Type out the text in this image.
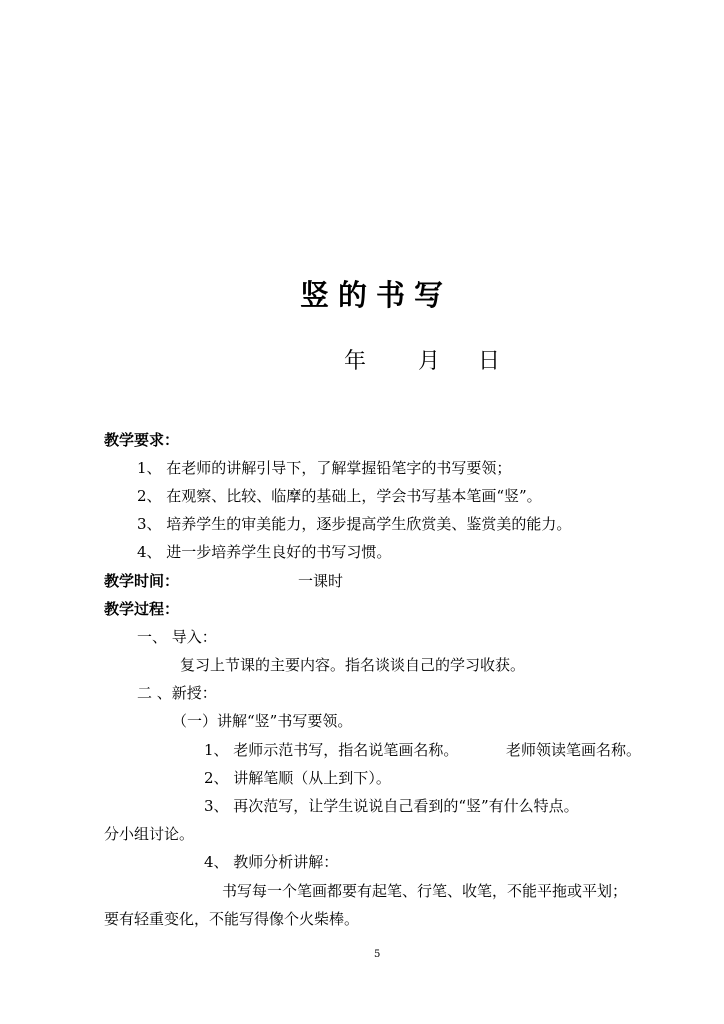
竖的书写
年 月 日
教学要求：
1、 在老师的讲解引导下，了解掌握铅笔字的书写要领；
2、 在观察、比较、临摩的基础上，学会书写基本笔画“竖”。
3、 培养学生的审美能力，逐步提高学生欣赏美、鉴赏美的能力。
4、 进一步培养学生良好的书写习惯。
教学时间：	一课时
教学过程：
一、 导入：
复习上节课的主要内容。指名谈谈自己的学习收获。
二 、新授：
（一）讲解“竖”书写要领。
1、 老师示范书写，指名说笔画名称。	老师领读笔画名称。
2、 讲解笔顺（从上到下）。
3、 再次范写，让学生说说自己看到的“竖”有什么特点。
分小组讨论。
4、 教师分析讲解：
书写每一个笔画都要有起笔、行笔、收笔，不能平拖或平划；
要有轻重变化，不能写得像个火柴棒。
5
